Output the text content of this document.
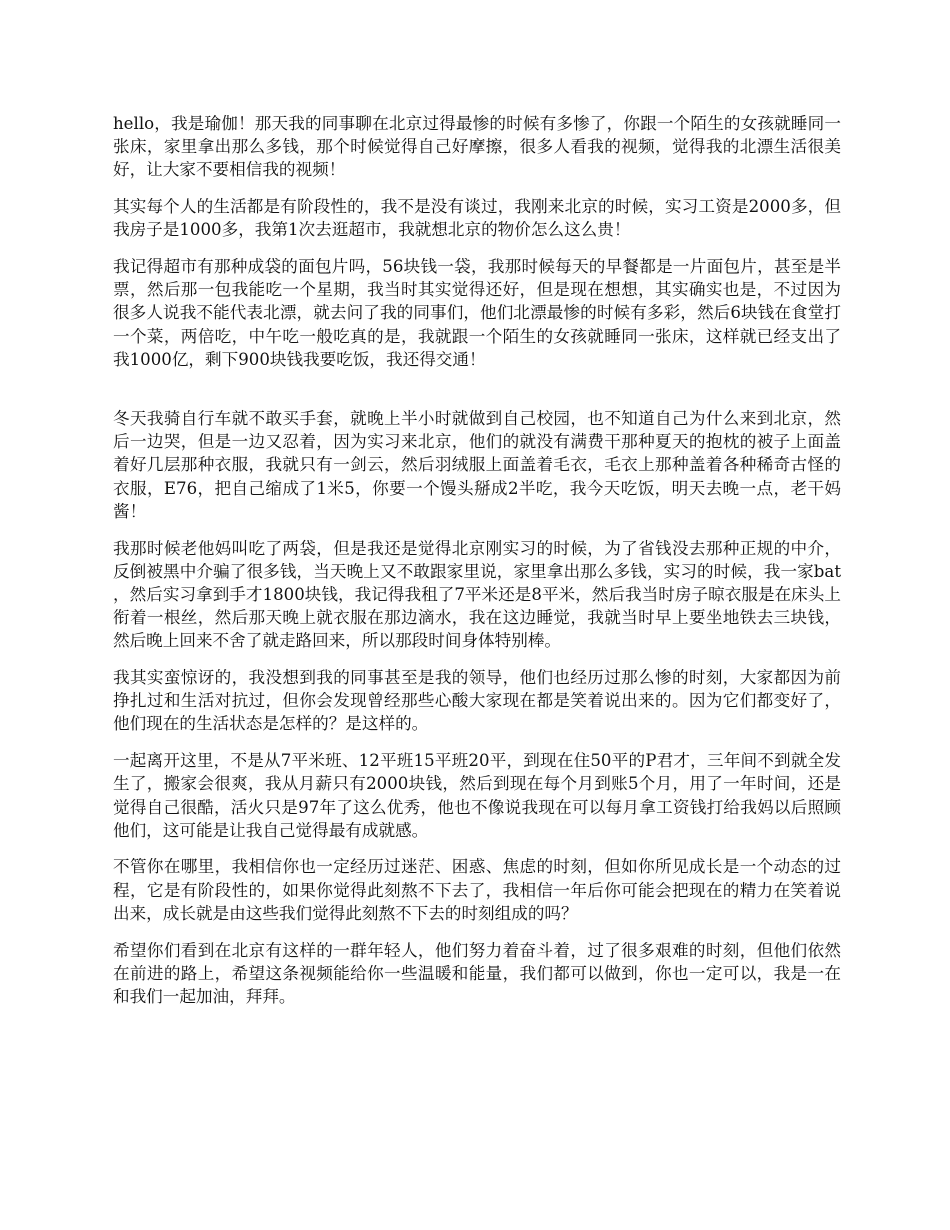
hello，我是瑜伽！那天我的同事聊在北京过得最惨的时候有多惨了，你跟一个陌生的女孩就睡同一张床，家里拿出那么多钱，那个时候觉得自己好摩擦，很多人看我的视频，觉得我的北漂生活很美好，让大家不要相信我的视频！

其实每个人的生活都是有阶段性的，我不是没有谈过，我刚来北京的时候，实习工资是2000多，但我房子是1000多，我第1次去逛超市，我就想北京的物价怎么这么贵！

我记得超市有那种成袋的面包片吗，56块钱一袋，我那时候每天的早餐都是一片面包片，甚至是半票，然后那一包我能吃一个星期，我当时其实觉得还好，但是现在想想，其实确实也是，不过因为很多人说我不能代表北漂，就去问了我的同事们，他们北漂最惨的时候有多彩，然后6块钱在食堂打一个菜，两倍吃，中午吃一般吃真的是，我就跟一个陌生的女孩就睡同一张床，这样就已经支出了我1000亿，剩下900块钱我要吃饭，我还得交通！

冬天我骑自行车就不敢买手套，就晚上半小时就做到自己校园，也不知道自己为什么来到北京，然后一边哭，但是一边又忍着，因为实习来北京，他们的就没有满费干那种夏天的抱枕的被子上面盖着好几层那种衣服，我就只有一剑云，然后羽绒服上面盖着毛衣，毛衣上那种盖着各种稀奇古怪的衣服，E76，把自己缩成了1米5，你要一个馒头掰成2半吃，我今天吃饭，明天去晚一点，老干妈酱！

我那时候老他妈叫吃了两袋，但是我还是觉得北京刚实习的时候，为了省钱没去那种正规的中介，反倒被黑中介骗了很多钱，当天晚上又不敢跟家里说，家里拿出那么多钱，实习的时候，我一家bat，然后实习拿到手才1800块钱，我记得我租了7平米还是8平米，然后我当时房子晾衣服是在床头上衔着一根丝，然后那天晚上就衣服在那边滴水，我在这边睡觉，我就当时早上要坐地铁去三块钱，然后晚上回来不舍了就走路回来，所以那段时间身体特别棒。

我其实蛮惊讶的，我没想到我的同事甚至是我的领导，他们也经历过那么惨的时刻，大家都因为前挣扎过和生活对抗过，但你会发现曾经那些心酸大家现在都是笑着说出来的。因为它们都变好了，他们现在的生活状态是怎样的？是这样的。

一起离开这里，不是从7平米班、12平班15平班20平，到现在住50平的P君才，三年间不到就全发生了，搬家会很爽，我从月薪只有2000块钱，然后到现在每个月到账5个月，用了一年时间，还是觉得自己很酷，活火只是97年了这么优秀，他也不像说我现在可以每月拿工资钱打给我妈以后照顾他们，这可能是让我自己觉得最有成就感。

不管你在哪里，我相信你也一定经历过迷茫、困惑、焦虑的时刻，但如你所见成长是一个动态的过程，它是有阶段性的，如果你觉得此刻熬不下去了，我相信一年后你可能会把现在的精力在笑着说出来，成长就是由这些我们觉得此刻熬不下去的时刻组成的吗？

希望你们看到在北京有这样的一群年轻人，他们努力着奋斗着，过了很多艰难的时刻，但他们依然在前进的路上，希望这条视频能给你一些温暖和能量，我们都可以做到，你也一定可以，我是一在和我们一起加油，拜拜。
